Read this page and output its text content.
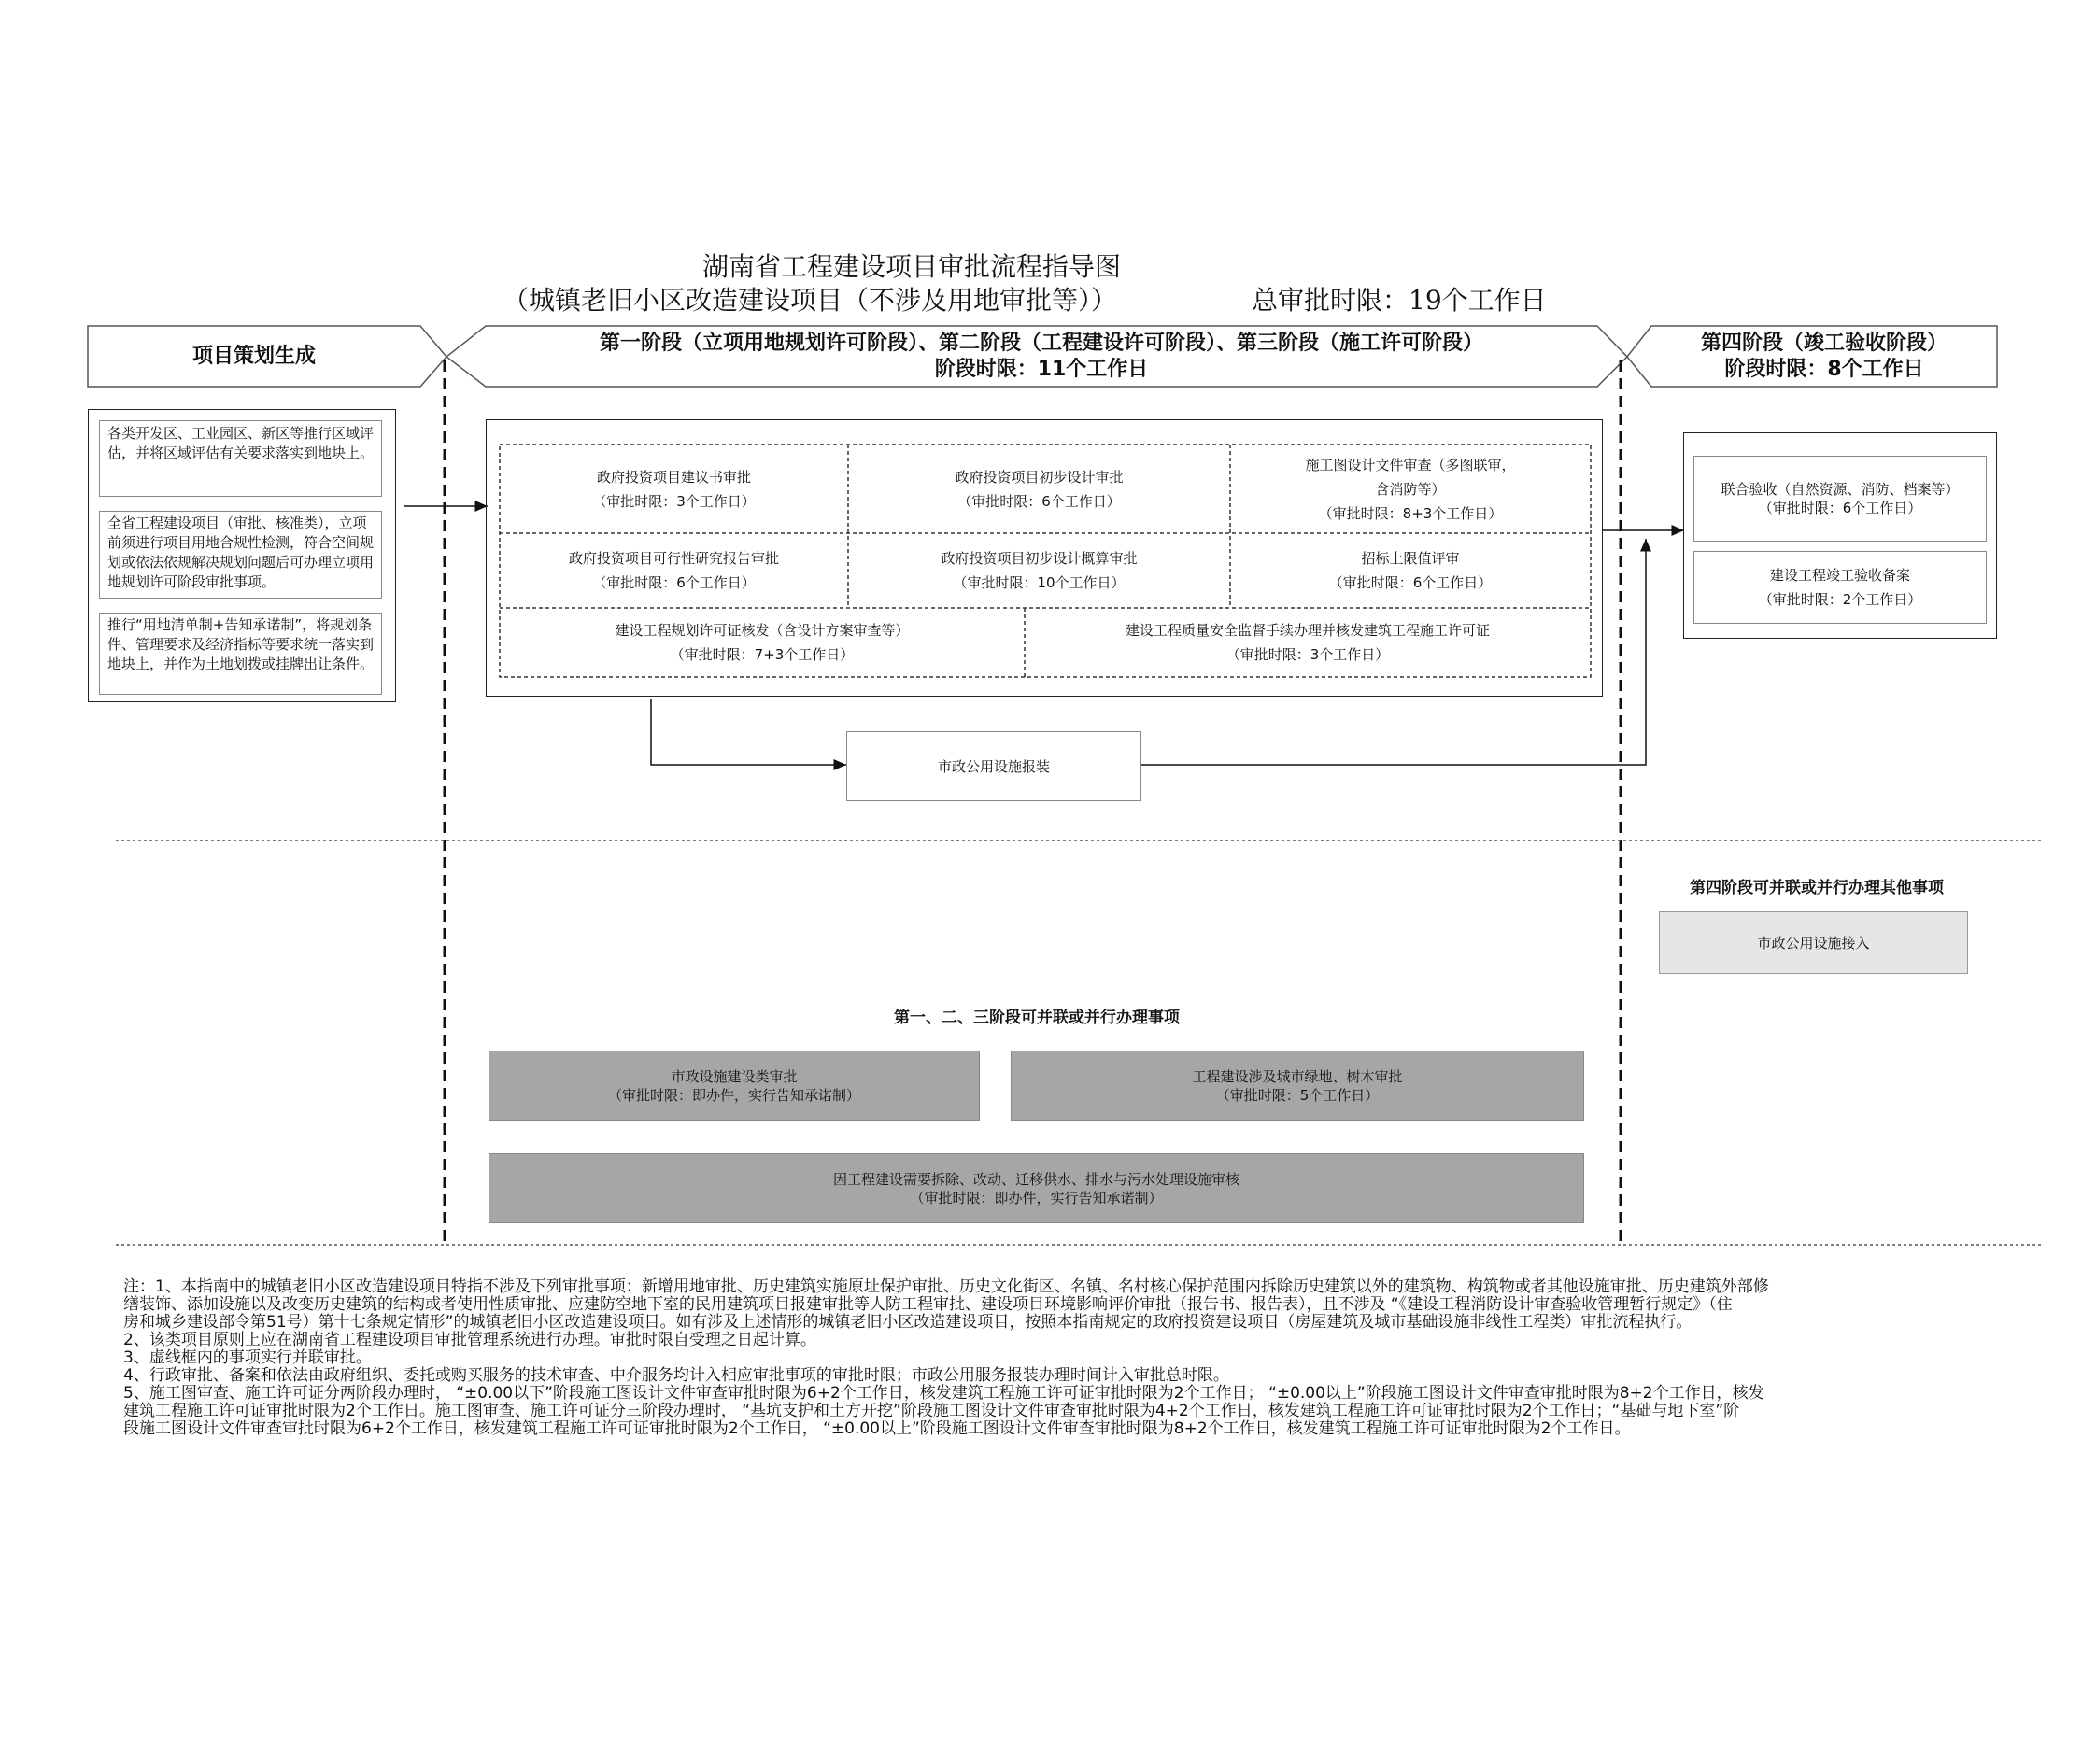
湖南省工程建设项目审批流程指导图
（城镇老旧小区改造建设项目（不涉及用地审批等））	总审批时限：19个工作日
项目策划生成
第一阶段（立项用地规划许可阶段）、第二阶段（工程建设许可阶段）、第三阶段（施工许可阶段）
阶段时限：11个工作日
第四阶段（竣工验收阶段）
阶段时限：8个工作日
各类开发区、工业园区、新区等推行区域评估，并将区域评估有关要求落实到地块上。
全省工程建设项目（审批、核准类），立项前须进行项目用地合规性检测，符合空间规划或依法依规解决规划问题后可办理立项用地规划许可阶段审批事项。
推行“用地清单制+告知承诺制”，将规划条件、管理要求及经济指标等要求统一落实到地块上，并作为土地划拨或挂牌出让条件。
政府投资项目建议书审批
（审批时限：3个工作日）
政府投资项目初步设计审批
（审批时限：6个工作日）
施工图设计文件审查（多图联审，
含消防等）
（审批时限：8+3个工作日）
政府投资项目可行性研究报告审批
（审批时限：6个工作日）
政府投资项目初步设计概算审批
（审批时限：10个工作日）
招标上限值评审
（审批时限：6个工作日）
建设工程规划许可证核发（含设计方案审查等）
（审批时限：7+3个工作日）
建设工程质量安全监督手续办理并核发建筑工程施工许可证
（审批时限：3个工作日）
市政公用设施报装
联合验收（自然资源、消防、档案等）
（审批时限：6个工作日）
建设工程竣工验收备案
（审批时限：2个工作日）
第四阶段可并联或并行办理其他事项
市政公用设施接入
第一、二、三阶段可并联或并行办理事项
市政设施建设类审批
（审批时限：即办件，实行告知承诺制）
工程建设涉及城市绿地、树木审批
（审批时限：5个工作日）
因工程建设需要拆除、改动、迁移供水、排水与污水处理设施审核
（审批时限：即办件，实行告知承诺制）
注：1、本指南中的城镇老旧小区改造建设项目特指不涉及下列审批事项：新增用地审批、历史建筑实施原址保护审批、历史文化街区、名镇、名村核心保护范围内拆除历史建筑以外的建筑物、构筑物或者其他设施审批、历史建筑外部修
缮装饰、添加设施以及改变历史建筑的结构或者使用性质审批、应建防空地下室的民用建筑项目报建审批等人防工程审批、建设项目环境影响评价审批（报告书、报告表），且不涉及 “《建设工程消防设计审查验收管理暂行规定》（住
房和城乡建设部令第51号）第十七条规定情形”的城镇老旧小区改造建设项目。如有涉及上述情形的城镇老旧小区改造建设项目，按照本指南规定的政府投资建设项目（房屋建筑及城市基础设施非线性工程类）审批流程执行。
2、该类项目原则上应在湖南省工程建设项目审批管理系统进行办理。审批时限自受理之日起计算。
3、虚线框内的事项实行并联审批。
4、行政审批、备案和依法由政府组织、委托或购买服务的技术审查、中介服务均计入相应审批事项的审批时限；市政公用服务报装办理时间计入审批总时限。
5、施工图审查、施工许可证分两阶段办理时， “±0.00以下”阶段施工图设计文件审查审批时限为6+2个工作日，核发建筑工程施工许可证审批时限为2个工作日； “±0.00以上”阶段施工图设计文件审查审批时限为8+2个工作日，核发
建筑工程施工许可证审批时限为2个工作日。施工图审查、施工许可证分三阶段办理时， “基坑支护和土方开挖”阶段施工图设计文件审查审批时限为4+2个工作日，核发建筑工程施工许可证审批时限为2个工作日；“基础与地下室”阶
段施工图设计文件审查审批时限为6+2个工作日，核发建筑工程施工许可证审批时限为2个工作日， “±0.00以上”阶段施工图设计文件审查审批时限为8+2个工作日，核发建筑工程施工许可证审批时限为2个工作日。
